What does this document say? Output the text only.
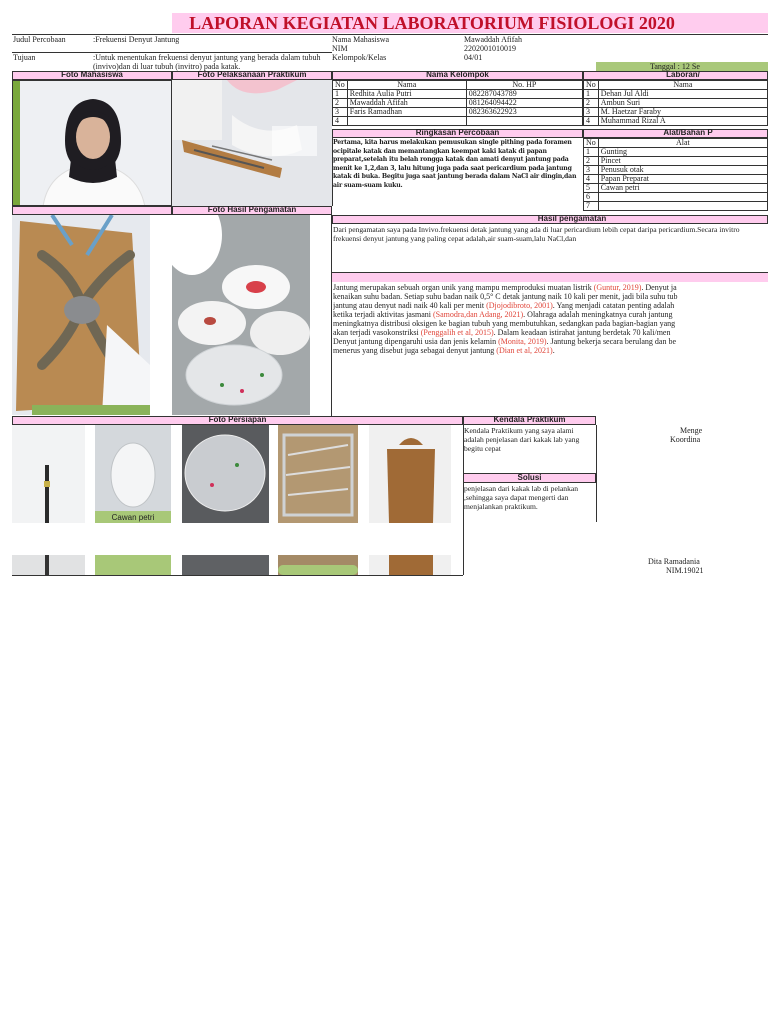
LAPORAN KEGIATAN LABORATORIUM FISIOLOGI 2020
Judul Percobaan	:Frekuensi Denyut Jantung	Nama Mahasiswa	Mawaddah Afifah
NIM	2202001010019
Tujuan	:Untuk menentukan frekuensi denyut jantung yang berada dalam tubuh (invivo)dan di luar tubuh (invitro) pada katak.
Kelompok/Kelas	04/01
Tanggal : 12 Se
Foto Mahasiswa	Foto Pelaksanaan Praktikum	Nama Kelompok	Laboran/
No	Nama	No. HP
1	Redhita Aulia Putri	082287043789
2	Mawaddah Afifah	081264094422
3	Faris Ramadhan	082363622923
4		
No	Nama
1	Dehan Jul Aldi
2	Ambun Suri
3	M. Haetzar Faraby
4	Muhammad Rizal A
Ringkasan Percobaan	Alat/Bahan P
Pertama, kita harus melakukan pemusukan single pithing pada foramen ocipitale katak dan memantangkan keempat kaki katak di papan preparat,setelah itu belah rongga katak dan amati denyut jantung pada menit ke 1,2,dan 3, lalu hitung juga pada saat pericardium pada jantung katak di buka. Begitu juga saat jantung berada dalam NaCl air dingin,dan air suam-suam kuku.
No	Alat
1	Gunting
2	Pincet
3	Penusuk otak
4	Papan Preparat
5	Cawan petri
6	
7	
Foto Hasil Pengamatan
Hasil pengamatan
Dari pengamatan saya pada Invivo.frekuensi detak jantung yang ada di luar pericardium lebih cepat daripa pericardium.Secara invitro frekuensi denyut jantung yang paling cepat adalah,air suam-suam,lalu NaCl,dan
Jantung merupakan sebuah organ unik yang mampu memproduksi muatan listrik (Guntur, 2019). Denyut ja
kenaikan suhu badan. Setiap suhu badan naik 0,5° C detak jantung naik 10 kali per menit, jadi bila suhu tub
jantung atau denyut nadi naik 40 kali per menit (Djojodibroto, 2001). Yang menjadi catatan penting adalah
ketika terjadi aktivitas jasmani (Samodra,dan Adang, 2021). Olahraga adalah meningkatnya curah jantung
meningkatnya distribusi oksigen ke bagian tubuh yang membutuhkan, sedangkan pada bagian-bagian yang
akan terjadi vasokonstriksi (Penggalih et al, 2015). Dalam keadaan istirahat jantung berdetak 70 kali/men
Denyut jantung dipengaruhi usia dan jenis kelamin (Monita, 2019). Jantung bekerja secara berulang dan be
menerus yang disebut juga sebagai denyut jantung (Dian et al, 2021).
Foto Persiapan	Kendala Praktikum
Cawan petri
Kendala Praktikum yang saya alami adalah penjelasan dari kakak lab yang begitu cepat
Solusi
penjelasan dari kakak lab di pelankan ,sehingga saya dapat mengerti dan menjalankan praktikum.
Menge
Koordina
Dita Ramadania
NIM.19021
